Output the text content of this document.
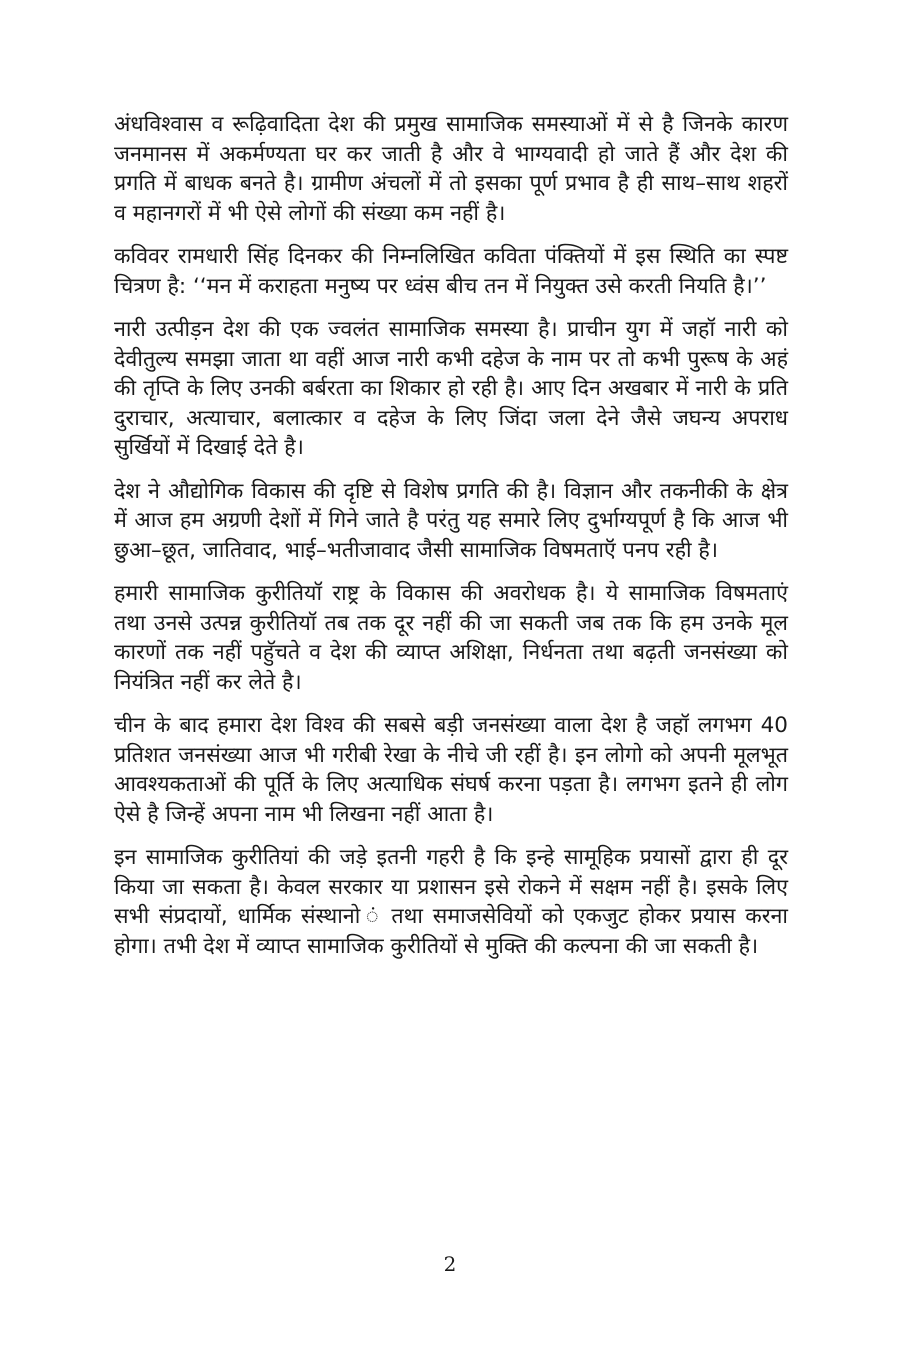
अंधविश्वास व रूढ़िवादिता देश की प्रमुख सामाजिक समस्याओं में से है जिनके कारण जनमानस में अकर्मण्यता घर कर जाती है और वे भाग्यवादी हो जाते हैं और देश की प्रगति में बाधक बनते है। ग्रामीण अंचलों में तो इसका पूर्ण प्रभाव है ही साथ–साथ शहरों व महानगरों में भी ऐसे लोगों की संख्या कम नहीं है।

कविवर रामधारी सिंह दिनकर की निम्नलिखित कविता पंक्तियों में इस स्थिति का स्पष्ट चित्रण है: ‘‘मन में कराहता मनुष्य पर ध्वंस बीच तन में नियुक्त उसे करती नियति है।’’

नारी उत्पीड़न देश की एक ज्वलंत सामाजिक समस्या है। प्राचीन युग में जहॉ नारी को देवीतुल्य समझा जाता था वहीं आज नारी कभी दहेज के नाम पर तो कभी पुरूष के अहं की तृप्ति के लिए उनकी बर्बरता का शिकार हो रही है। आए दिन अखबार में नारी के प्रति दुराचार, अत्याचार, बलात्कार व दहेज के लिए जिंदा जला देने जैसे जघन्य अपराध सुर्खियों में दिखाई देते है।

देश ने औद्योगिक विकास की दृष्टि से विशेष प्रगति की है। विज्ञान और तकनीकी के क्षेत्र में आज हम अग्रणी देशों में गिने जाते है परंतु यह समारे लिए दुर्भाग्यपूर्ण है कि आज भी छुआ–छूत, जातिवाद, भाई–भतीजावाद जैसी सामाजिक विषमताऍ पनप रही है।

हमारी सामाजिक कुरीतियॉ राष्ट्र के विकास की अवरोधक है। ये सामाजिक विषमताएं तथा उनसे उत्पन्न कुरीतियॉ तब तक दूर नहीं की जा सकती जब तक कि हम उनके मूल कारणों तक नहीं पहुॅचते व देश की व्याप्त अशिक्षा, निर्धनता तथा बढ़ती जनसंख्या को नियंत्रित नहीं कर लेते है।

चीन के बाद हमारा देश विश्व की सबसे बड़ी जनसंख्या वाला देश है जहॉ लगभग 40 प्रतिशत जनसंख्या आज भी गरीबी रेखा के नीचे जी रहीं है। इन लोगो को अपनी मूलभूत आवश्यकताओं की पूर्ति के लिए अत्याधिक संघर्ष करना पड़ता है। लगभग इतने ही लोग ऐसे है जिन्हें अपना नाम भी लिखना नहीं आता है।

इन सामाजिक कुरीतियां की जड़े इतनी गहरी है कि इन्हे सामूहिक प्रयासों द्वारा ही दूर किया जा सकता है। केवल सरकार या प्रशासन इसे रोकने में सक्षम नहीं है। इसके लिए सभी संप्रदायों, धार्मिक संस्थानो ं तथा समाजसेवियों को एकजुट होकर प्रयास करना होगा। तभी देश में व्याप्त सामाजिक कुरीतियों से मुक्ति की कल्पना की जा सकती है।

2
